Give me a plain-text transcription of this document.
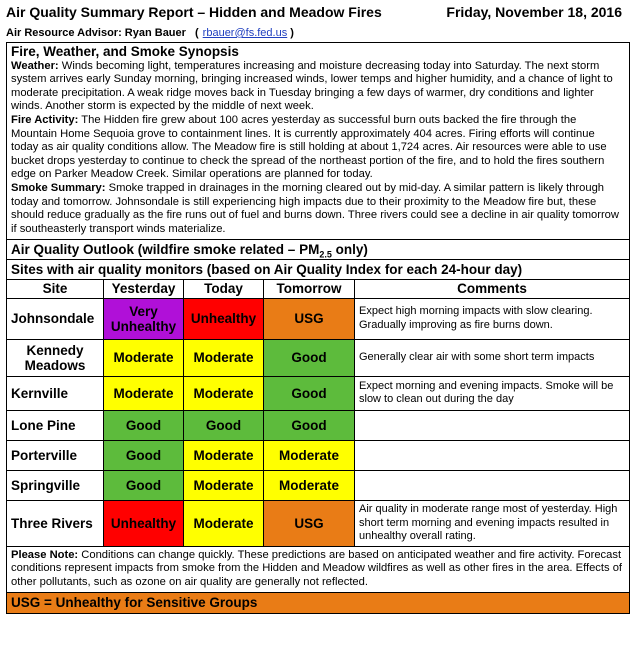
Air Quality Summary Report – Hidden and Meadow Fires	Friday, November 18, 2016
Air Resource Advisor: Ryan Bauer ( rbauer@fs.fed.us )
Fire, Weather, and Smoke Synopsis

Weather: Winds becoming light, temperatures increasing and moisture decreasing today into Saturday. The next storm system arrives early Sunday morning, bringing increased winds, lower temps and higher humidity, and a chance of light to moderate precipitation. A weak ridge moves back in Tuesday bringing a few days of warmer, dry conditions and lighter winds. Another storm is expected by the middle of next week.

Fire Activity: The Hidden fire grew about 100 acres yesterday as successful burn outs backed the fire through the Mountain Home Sequoia grove to containment lines. It is currently approximately 404 acres. Firing efforts will continue today as air quality conditions allow. The Meadow fire is still holding at about 1,724 acres. Air resources were able to use bucket drops yesterday to continue to check the spread of the northeast portion of the fire, and to hold the fires southern edge on Parker Meadow Creek. Similar operations are planned for today.

Smoke Summary: Smoke trapped in drainages in the morning cleared out by mid-day. A similar pattern is likely through today and tomorrow. Johnsondale is still experiencing high impacts due to their proximity to the Meadow fire but, these should reduce gradually as the fire runs out of fuel and burns down. Three rivers could see a decline in air quality tomorrow if southeasterly transport winds materialize.

Air Quality Outlook (wildfire smoke related – $PM_{2.5}$ only)
Sites with air quality monitors (based on Air Quality Index for each 24-hour day)				
Site	Yesterday	Today	Tomorrow	Comments

Johnsondale	Very
Unhealthy	Unhealthy	USG	Expect high morning impacts with slow clearing. Gradually improving as fire burns down.

Kennedy
Meadows	Moderate	Moderate	Good	Generally clear air with some short term impacts

Kernville	Moderate	Moderate	Good	Expect morning and evening impacts. Smoke will be slow to clean out during the day

Lone Pine	Good	Good	Good	

Porterville	Good	Moderate	Moderate	

Springville	Good	Moderate	Moderate	

Three Rivers	Unhealthy	Moderate	USG	Air quality in moderate range most of yesterday. High short term morning and evening impacts resulted in unhealthy overall rating.
Please Note: Conditions can change quickly. These predictions are based on anticipated weather and fire activity. Forecast conditions represent impacts from smoke from the Hidden and Meadow wildfires as well as other fires in the area. Effects of other pollutants, such as ozone on air quality are generally not reflected.
USG = Unhealthy for Sensitive Groups
